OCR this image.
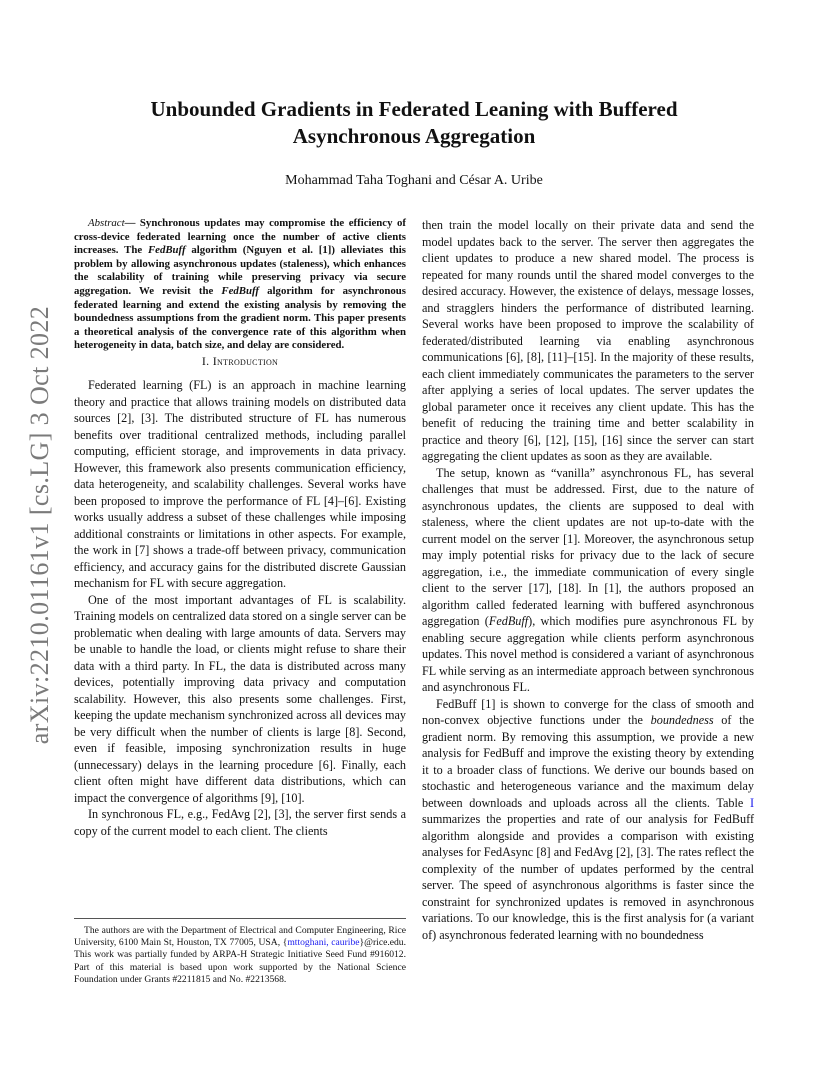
arXiv:2210.01161v1 [cs.LG] 3 Oct 2022
Unbounded Gradients in Federated Leaning with Buffered Asynchronous Aggregation
Mohammad Taha Toghani and César A. Uribe

Abstract— Synchronous updates may compromise the efficiency of cross-device federated learning once the number of active clients increases. The FedBuff algorithm (Nguyen et al. [1]) alleviates this problem by allowing asynchronous updates (staleness), which enhances the scalability of training while preserving privacy via secure aggregation. We revisit the FedBuff algorithm for asynchronous federated learning and extend the existing analysis by removing the boundedness assumptions from the gradient norm. This paper presents a theoretical analysis of the convergence rate of this algorithm when heterogeneity in data, batch size, and delay are considered.

I. Introduction

Federated learning (FL) is an approach in machine learning theory and practice that allows training models on distributed data sources [2], [3]. The distributed structure of FL has numerous benefits over traditional centralized methods, including parallel computing, efficient storage, and improvements in data privacy. However, this framework also presents communication efficiency, data heterogeneity, and scalability challenges. Several works have been proposed to improve the performance of FL [4]–[6]. Existing works usually address a subset of these challenges while imposing additional constraints or limitations in other aspects. For example, the work in [7] shows a trade-off between privacy, communication efficiency, and accuracy gains for the distributed discrete Gaussian mechanism for FL with secure aggregation.

One of the most important advantages of FL is scalability. Training models on centralized data stored on a single server can be problematic when dealing with large amounts of data. Servers may be unable to handle the load, or clients might refuse to share their data with a third party. In FL, the data is distributed across many devices, potentially improving data privacy and computation scalability. However, this also presents some challenges. First, keeping the update mechanism synchronized across all devices may be very difficult when the number of clients is large [8]. Second, even if feasible, imposing synchronization results in huge (unnecessary) delays in the learning procedure [6]. Finally, each client often might have different data distributions, which can impact the convergence of algorithms [9], [10].

In synchronous FL, e.g., FedAvg [2], [3], the server first sends a copy of the current model to each client. The clients

The authors are with the Department of Electrical and Computer Engineering, Rice University, 6100 Main St, Houston, TX 77005, USA, {mttoghani, cauribe}@rice.edu. This work was partially funded by ARPA-H Strategic Initiative Seed Fund #916012. Part of this material is based upon work supported by the National Science Foundation under Grants #2211815 and No. #2213568.

then train the model locally on their private data and send the model updates back to the server. The server then aggregates the client updates to produce a new shared model. The process is repeated for many rounds until the shared model converges to the desired accuracy. However, the existence of delays, message losses, and stragglers hinders the performance of distributed learning. Several works have been proposed to improve the scalability of federated/distributed learning via enabling asynchronous communications [6], [8], [11]–[15]. In the majority of these results, each client immediately communicates the parameters to the server after applying a series of local updates. The server updates the global parameter once it receives any client update. This has the benefit of reducing the training time and better scalability in practice and theory [6], [12], [15], [16] since the server can start aggregating the client updates as soon as they are available.

The setup, known as “vanilla” asynchronous FL, has several challenges that must be addressed. First, due to the nature of asynchronous updates, the clients are supposed to deal with staleness, where the client updates are not up-to-date with the current model on the server [1]. Moreover, the asynchronous setup may imply potential risks for privacy due to the lack of secure aggregation, i.e., the immediate communication of every single client to the server [17], [18]. In [1], the authors proposed an algorithm called federated learning with buffered asynchronous aggregation (FedBuff), which modifies pure asynchronous FL by enabling secure aggregation while clients perform asynchronous updates. This novel method is considered a variant of asynchronous FL while serving as an intermediate approach between synchronous and asynchronous FL.

FedBuff [1] is shown to converge for the class of smooth and non-convex objective functions under the boundedness of the gradient norm. By removing this assumption, we provide a new analysis for FedBuff and improve the existing theory by extending it to a broader class of functions. We derive our bounds based on stochastic and heterogeneous variance and the maximum delay between downloads and uploads across all the clients. Table I summarizes the properties and rate of our analysis for FedBuff algorithm alongside and provides a comparison with existing analyses for FedAsync [8] and FedAvg [2], [3]. The rates reflect the complexity of the number of updates performed by the central server. The speed of asynchronous algorithms is faster since the constraint for synchronized updates is removed in asynchronous variations. To our knowledge, this is the first analysis for (a variant of) asynchronous federated learning with no boundedness
